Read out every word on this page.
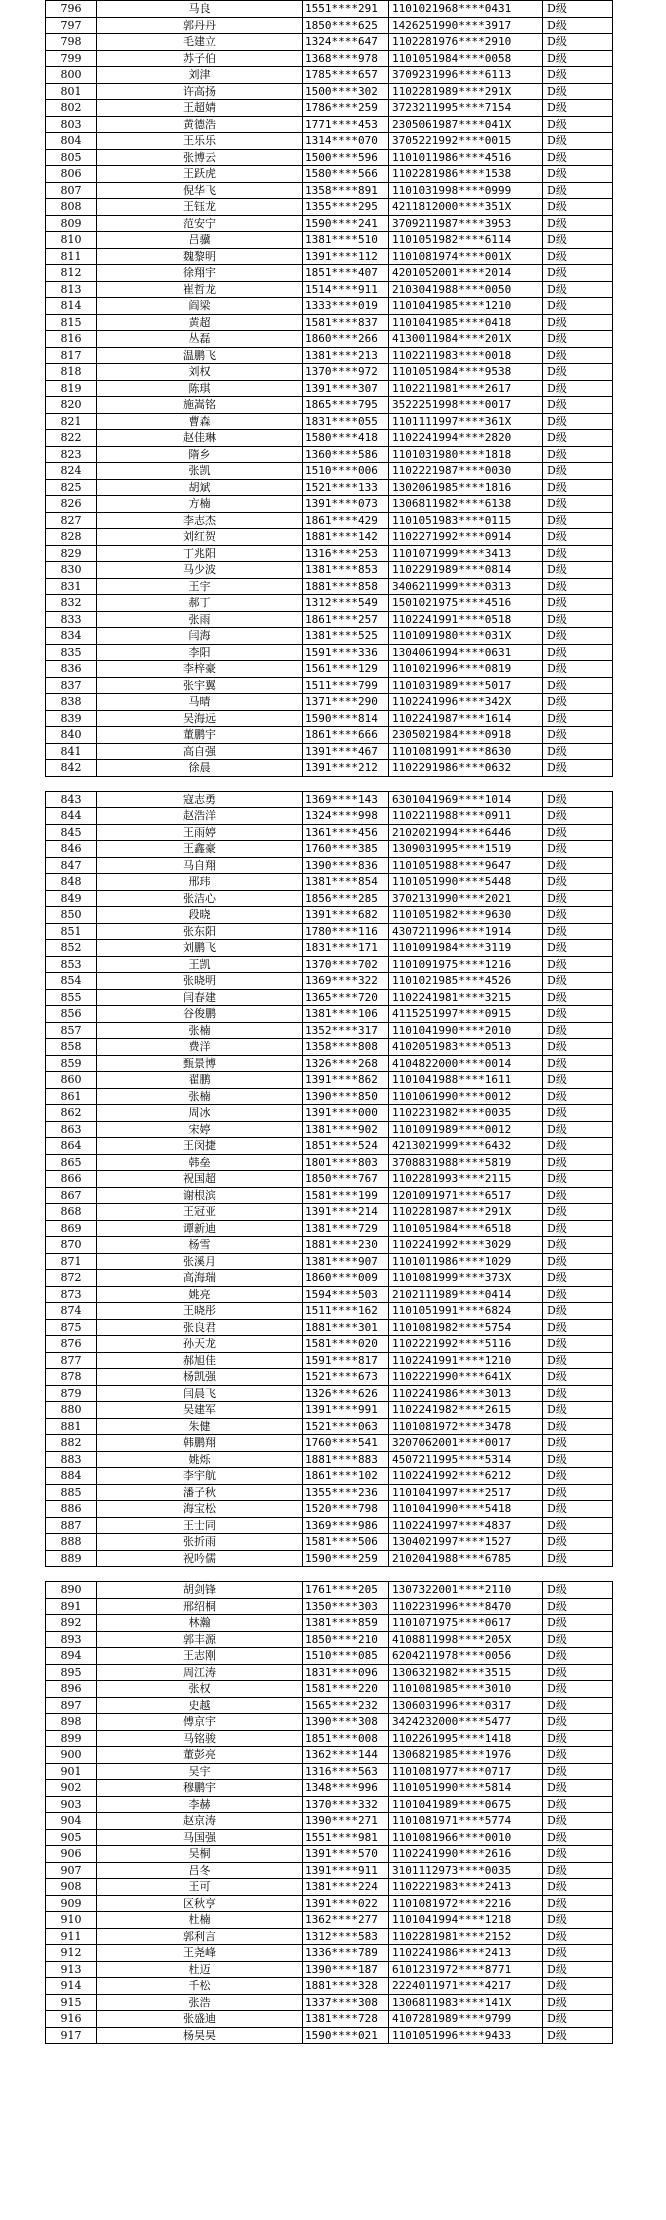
796	马良	1551****291	1101021968****0431	D级
797	郭丹丹	1850****625	1426251990****3917	D级
798	毛建立	1324****647	1102281976****2910	D级
799	苏子伯	1368****978	1101051984****0058	D级
800	刘津	1785****657	3709231996****6113	D级
801	许高扬	1500****302	1102281989****291X	D级
802	王超婧	1786****259	3723211995****7154	D级
803	黄德浩	1771****453	2305061987****041X	D级
804	王乐乐	1314****070	3705221992****0015	D级
805	张博云	1500****596	1101011986****4516	D级
806	王跃虎	1580****566	1102281986****1538	D级
807	倪华飞	1358****891	1101031998****0999	D级
808	王钰龙	1355****295	4211812000****351X	D级
809	范安宁	1590****241	3709211987****3953	D级
810	吕骥	1381****510	1101051982****6114	D级
811	魏黎明	1391****112	1101081974****001X	D级
812	徐翔宇	1851****407	4201052001****2014	D级
813	崔哲龙	1514****911	2103041988****0050	D级
814	阎梁	1333****019	1101041985****1210	D级
815	黄超	1581****837	1101041985****0418	D级
816	丛磊	1860****266	4130011984****201X	D级
817	温鹏飞	1381****213	1102211983****0018	D级
818	刘权	1370****972	1101051984****9538	D级
819	陈琪	1391****307	1102211981****2617	D级
820	施嵩铭	1865****795	3522251998****0017	D级
821	曹森	1831****055	1101111997****361X	D级
822	赵佳琳	1580****418	1102241994****2820	D级
823	隋乡	1360****586	1101031980****1818	D级
824	张凯	1510****006	1102221987****0030	D级
825	胡斌	1521****133	1302061985****1816	D级
826	方楠	1391****073	1306811982****6138	D级
827	李志杰	1861****429	1101051983****0115	D级
828	刘红贺	1881****142	1102271992****0914	D级
829	丁兆阳	1316****253	1101071999****3413	D级
830	马少波	1381****853	1102291989****0814	D级
831	王宇	1881****858	3406211999****0313	D级
832	郝丁	1312****549	1501021975****4516	D级
833	张雨	1861****257	1102241991****0518	D级
834	闫海	1381****525	1101091980****031X	D级
835	李阳	1591****336	1304061994****0631	D级
836	李梓豪	1561****129	1101021996****0819	D级
837	张宇翼	1511****799	1101031989****5017	D级
838	马晴	1371****290	1102241996****342X	D级
839	吴海远	1590****814	1102241987****1614	D级
840	董鹏宇	1861****666	2305021984****0918	D级
841	高自强	1391****467	1101081991****8630	D级
842	徐晨	1391****212	1102291986****0632	D级
843	寇志勇	1369****143	6301041969****1014	D级
844	赵浩洋	1324****998	1102211988****0911	D级
845	王雨婷	1361****456	2102021994****6446	D级
846	王鑫豪	1760****385	1309031995****1519	D级
847	马自翔	1390****836	1101051988****9647	D级
848	邢玮	1381****854	1101051990****5448	D级
849	张洁心	1856****285	3702131990****2021	D级
850	段晓	1391****682	1101051982****9630	D级
851	张东阳	1780****116	4307211996****1914	D级
852	刘鹏飞	1831****171	1101091984****3119	D级
853	王凯	1370****702	1101091975****1216	D级
854	张晓明	1369****322	1101021985****4526	D级
855	闫春建	1365****720	1102241981****3215	D级
856	谷俊鹏	1381****106	4115251997****0915	D级
857	张楠	1352****317	1101041990****2010	D级
858	费洋	1358****808	4102051983****0513	D级
859	甄景博	1326****268	4104822000****0014	D级
860	翟鹏	1391****862	1101041988****1611	D级
861	张楠	1390****850	1101061990****0012	D级
862	周冰	1391****000	1102231982****0035	D级
863	宋婷	1381****902	1101091989****0012	D级
864	王闵捷	1851****524	4213021999****6432	D级
865	韩垒	1801****803	3708831988****5819	D级
866	祝国超	1850****767	1102281993****2115	D级
867	谢根滨	1581****199	1201091971****6517	D级
868	王冠亚	1391****214	1102281987****291X	D级
869	谭新迪	1381****729	1101051984****6518	D级
870	杨雪	1881****230	1102241992****3029	D级
871	张溪月	1381****907	1101011986****1029	D级
872	高海瑞	1860****009	1101081999****373X	D级
873	姚亮	1594****503	2102111989****0414	D级
874	王晓彤	1511****162	1101051991****6824	D级
875	张良君	1881****301	1101081982****5754	D级
876	孙天龙	1581****020	1102221992****5116	D级
877	郝旭佳	1591****817	1102241991****1210	D级
878	杨凯强	1521****673	1102221990****641X	D级
879	闫晨飞	1326****626	1102241986****3013	D级
880	吴建军	1391****991	1102241982****2615	D级
881	朱健	1521****063	1101081972****3478	D级
882	韩鹏翔	1760****541	3207062001****0017	D级
883	姚烁	1881****883	4507211995****5314	D级
884	李宇航	1861****102	1102241992****6212	D级
885	潘子秋	1355****236	1101041997****2517	D级
886	海宝松	1520****798	1101041990****5418	D级
887	王士同	1369****986	1102241997****4837	D级
888	张折雨	1581****506	1304021997****1527	D级
889	祝吟儒	1590****259	2102041988****6785	D级
890	胡剑锋	1761****205	1307322001****2110	D级
891	邢绍桐	1350****303	1102231996****8470	D级
892	林瀚	1381****859	1101071975****0617	D级
893	郭丰源	1850****210	4108811998****205X	D级
894	王志刚	1510****085	6204211978****0056	D级
895	周江涛	1831****096	1306321982****3515	D级
896	张权	1581****220	1101081985****3010	D级
897	史越	1565****232	1306031996****0317	D级
898	傅京宇	1390****308	3424232000****5477	D级
899	马铭骏	1851****008	1102261995****1418	D级
900	董彭亮	1362****144	1306821985****1976	D级
901	吴宇	1316****563	1101081977****0717	D级
902	穆鹏宇	1348****996	1101051990****5814	D级
903	李赫	1370****332	1101041989****0675	D级
904	赵京涛	1390****271	1101081971****5774	D级
905	马国强	1551****981	1101081966****0010	D级
906	吴桐	1391****570	1102241990****2616	D级
907	吕冬	1391****911	3101112973****0035	D级
908	王可	1381****224	1102221983****2413	D级
909	区秋亨	1391****022	1101081972****2216	D级
910	杜楠	1362****277	1101041994****1218	D级
911	郭利言	1312****583	1102281981****2152	D级
912	王尧峰	1336****789	1102241986****2413	D级
913	杜迈	1390****187	6101231972****8771	D级
914	千松	1881****328	2224011971****4217	D级
915	张浩	1337****308	1306811983****141X	D级
916	张盛迪	1381****728	4107281989****9799	D级
917	杨昊昊	1590****021	1101051996****9433	D级
